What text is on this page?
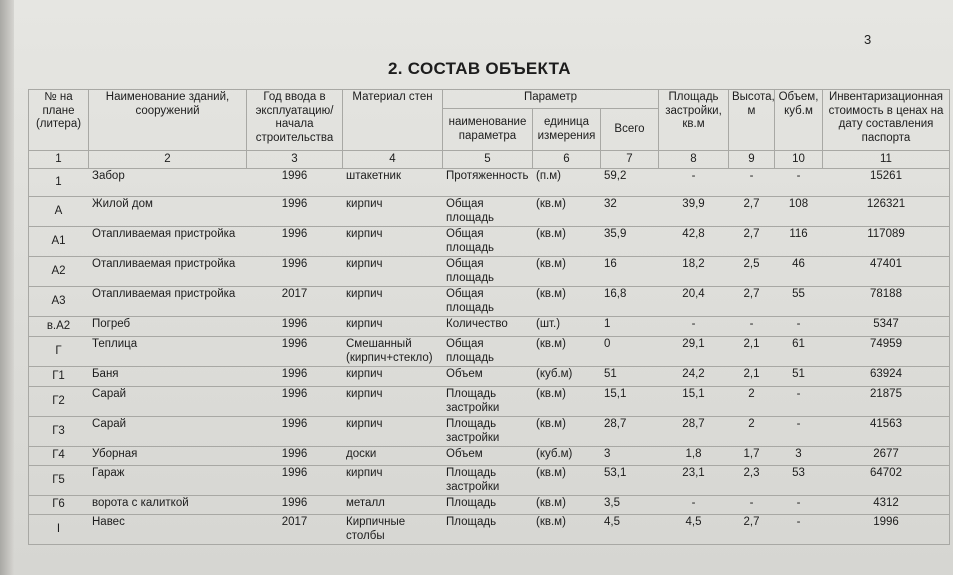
3
2. СОСТАВ ОБЪЕКТА
№ на плане (литера)	Наименование зданий, сооружений	Год ввода в эксплуатацию/ начала строительства	Материал стен	Параметр			Площадь застройки, кв.м	Высота, м	Объем, куб.м	Инвентаризационная стоимость в ценах на дату составления паспорта
				наименование параметра	единица измерения	Всего				
1	2	3	4	5	6	7	8	9	10	11
1	Забор	1996	штакетник	Протяженность	(п.м)	59,2	-	-	-	15261
А	Жилой дом	1996	кирпич	Общая площадь	(кв.м)	32	39,9	2,7	108	126321
А1	Отапливаемая пристройка	1996	кирпич	Общая площадь	(кв.м)	35,9	42,8	2,7	116	117089
А2	Отапливаемая пристройка	1996	кирпич	Общая площадь	(кв.м)	16	18,2	2,5	46	47401
А3	Отапливаемая пристройка	2017	кирпич	Общая площадь	(кв.м)	16,8	20,4	2,7	55	78188
в.А2	Погреб	1996	кирпич	Количество	(шт.)	1	-	-	-	5347
Г	Теплица	1996	Смешанный (кирпич+стекло)	Общая площадь	(кв.м)	0	29,1	2,1	61	74959
Г1	Баня	1996	кирпич	Объем	(куб.м)	51	24,2	2,1	51	63924
Г2	Сарай	1996	кирпич	Площадь застройки	(кв.м)	15,1	15,1	2	-	21875
Г3	Сарай	1996	кирпич	Площадь застройки	(кв.м)	28,7	28,7	2	-	41563
Г4	Уборная	1996	доски	Объем	(куб.м)	3	1,8	1,7	3	2677
Г5	Гараж	1996	кирпич	Площадь застройки	(кв.м)	53,1	23,1	2,3	53	64702
Г6	ворота с калиткой	1996	металл	Площадь	(кв.м)	3,5	-	-	-	4312
I	Навес	2017	Кирпичные столбы	Площадь	(кв.м)	4,5	4,5	2,7	-	1996
